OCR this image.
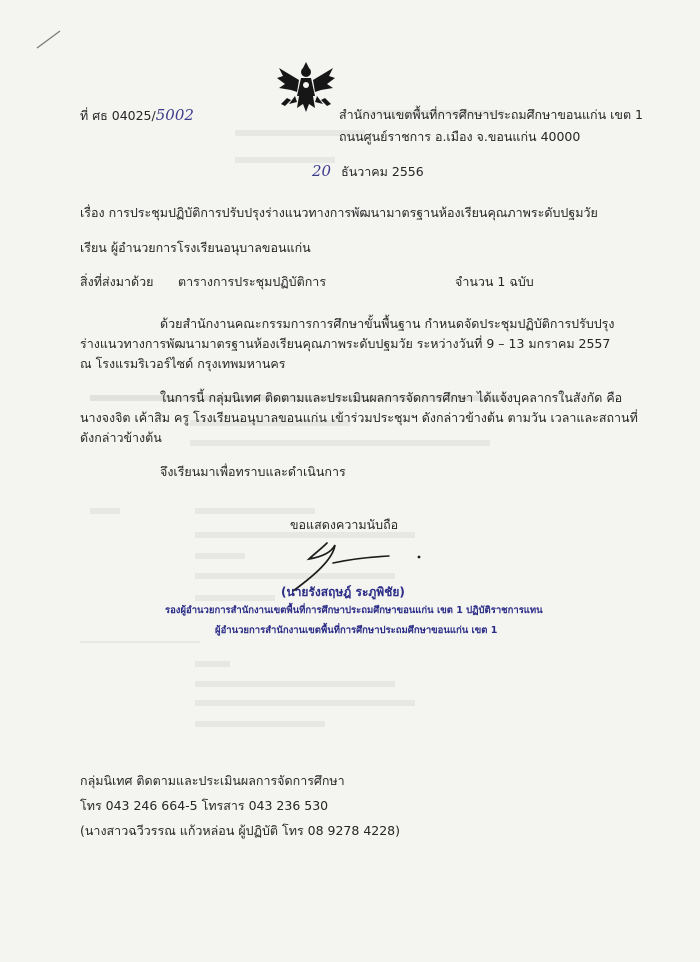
ที่ ศธ 04025/5002	สำนักงานเขตพื้นที่การศึกษาประถมศึกษาขอนแก่น เขต 1
ถนนศูนย์ราชการ อ.เมือง จ.ขอนแก่น 40000
20 ธันวาคม 2556
เรื่อง การประชุมปฏิบัติการปรับปรุงร่างแนวทางการพัฒนามาตรฐานห้องเรียนคุณภาพระดับปฐมวัย
เรียน ผู้อำนวยการโรงเรียนอนุบาลขอนแก่น
สิ่งที่ส่งมาด้วย ตารางการประชุมปฏิบัติการ	จำนวน 1 ฉบับ
ด้วยสำนักงานคณะกรรมการการศึกษาขั้นพื้นฐาน กำหนดจัดประชุมปฏิบัติการปรับปรุง
ร่างแนวทางการพัฒนามาตรฐานห้องเรียนคุณภาพระดับปฐมวัย ระหว่างวันที่ 9 – 13 มกราคม 2557
ณ โรงแรมริเวอร์ไซด์ กรุงเทพมหานคร
ในการนี้ กลุ่มนิเทศ ติดตามและประเมินผลการจัดการศึกษา ได้แจ้งบุคลากรในสังกัด คือ
นางจงจิต เค้าสิม ครู โรงเรียนอนุบาลขอนแก่น เข้าร่วมประชุมฯ ดังกล่าวข้างต้น ตามวัน เวลาและสถานที่
ดังกล่าวข้างต้น
จึงเรียนมาเพื่อทราบและดำเนินการ
ขอแสดงความนับถือ
(นายรังสฤษฎ์ ระภูพิชัย)
รองผู้อำนวยการสำนักงานเขตพื้นที่การศึกษาประถมศึกษาขอนแก่น เขต 1 ปฏิบัติราชการแทน
ผู้อำนวยการสำนักงานเขตพื้นที่การศึกษาประถมศึกษาขอนแก่น เขต 1
กลุ่มนิเทศ ติดตามและประเมินผลการจัดการศึกษา
โทร 043 246 664-5 โทรสาร 043 236 530
(นางสาวฉวีวรรณ แก้วหล่อน ผู้ปฏิบัติ โทร 08 9278 4228)
